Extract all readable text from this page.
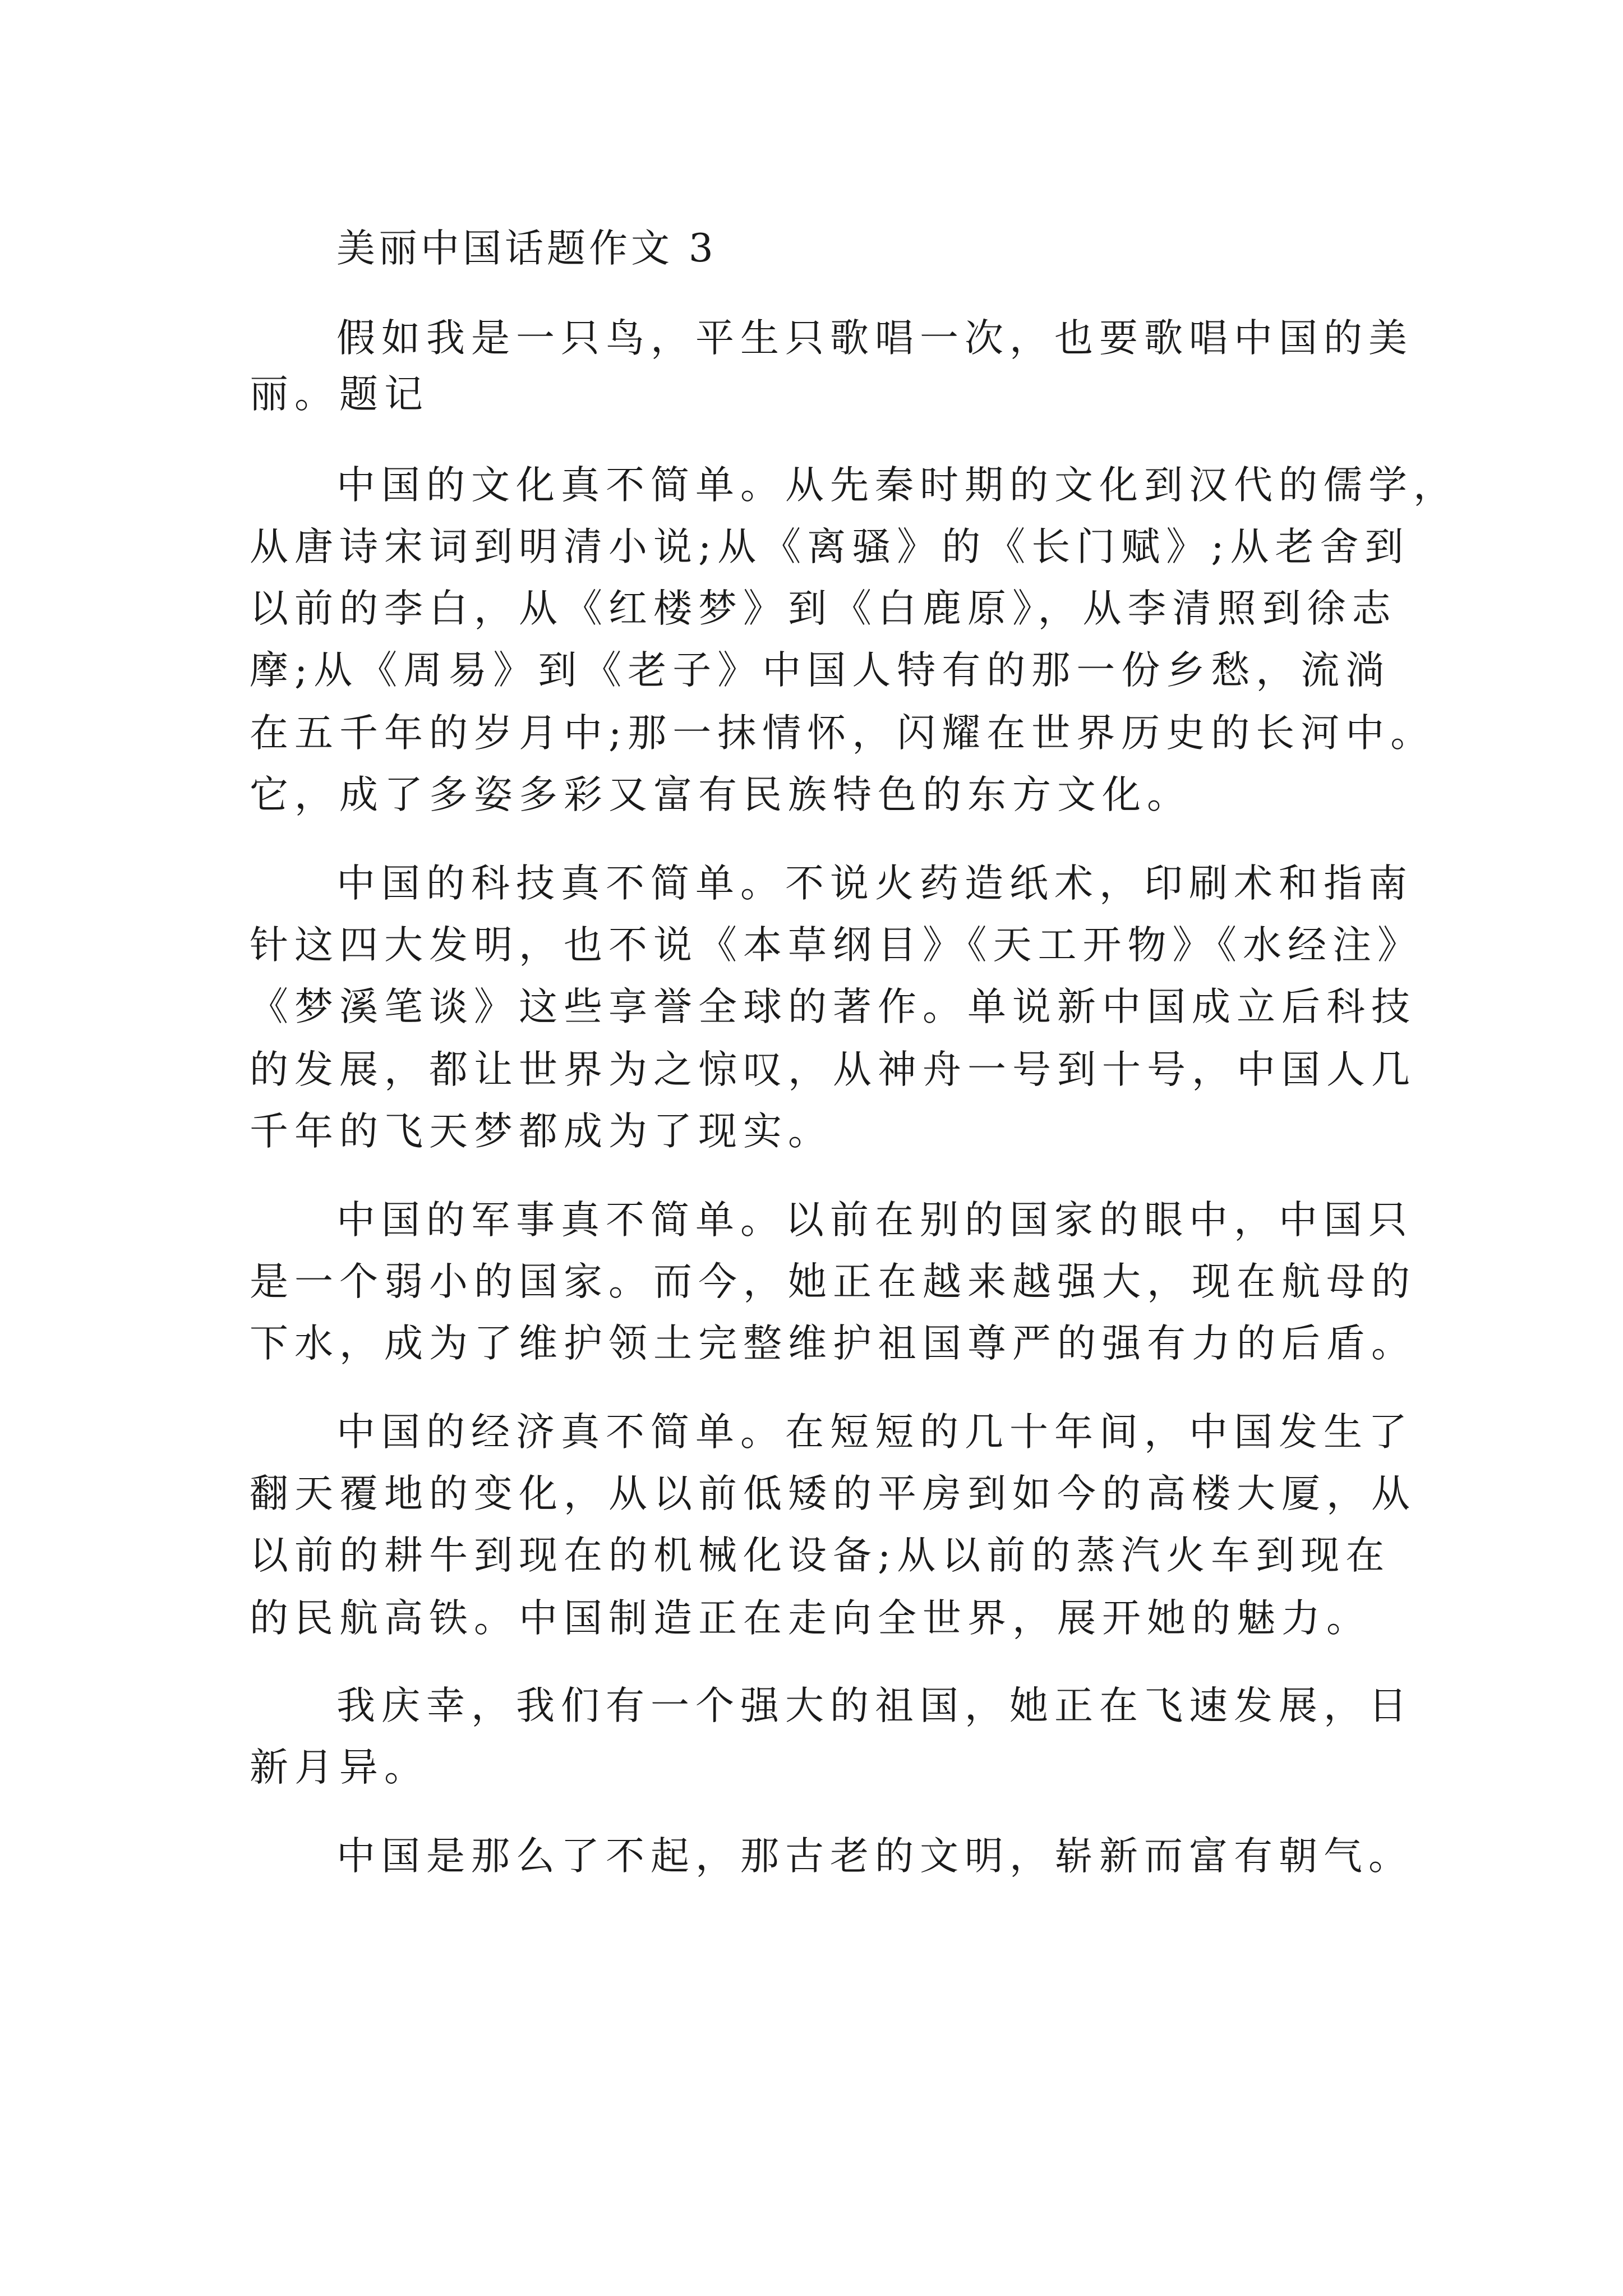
美丽中国话题作文 3

假如我是一只鸟，平生只歌唱一次，也要歌唱中国的美

丽。题记

中国的文化真不简单。从先秦时期的文化到汉代的儒学，

从唐诗宋词到明清小说;从《离骚》的《长门赋》;从老舍到

以前的李白，从《红楼梦》到《白鹿原》，从李清照到徐志

摩;从《周易》到《老子》中国人特有的那一份乡愁，流淌

在五千年的岁月中;那一抹情怀，闪耀在世界历史的长河中。

它，成了多姿多彩又富有民族特色的东方文化。

中国的科技真不简单。不说火药造纸术，印刷术和指南

针这四大发明，也不说《本草纲目》《天工开物》《水经注》

《梦溪笔谈》这些享誉全球的著作。单说新中国成立后科技

的发展，都让世界为之惊叹，从神舟一号到十号，中国人几

千年的飞天梦都成为了现实。

中国的军事真不简单。以前在别的国家的眼中，中国只

是一个弱小的国家。而今，她正在越来越强大，现在航母的

下水，成为了维护领土完整维护祖国尊严的强有力的后盾。

中国的经济真不简单。在短短的几十年间，中国发生了

翻天覆地的变化，从以前低矮的平房到如今的高楼大厦，从

以前的耕牛到现在的机械化设备;从以前的蒸汽火车到现在

的民航高铁。中国制造正在走向全世界，展开她的魅力。

我庆幸，我们有一个强大的祖国，她正在飞速发展，日

新月异。

中国是那么了不起，那古老的文明，崭新而富有朝气。
